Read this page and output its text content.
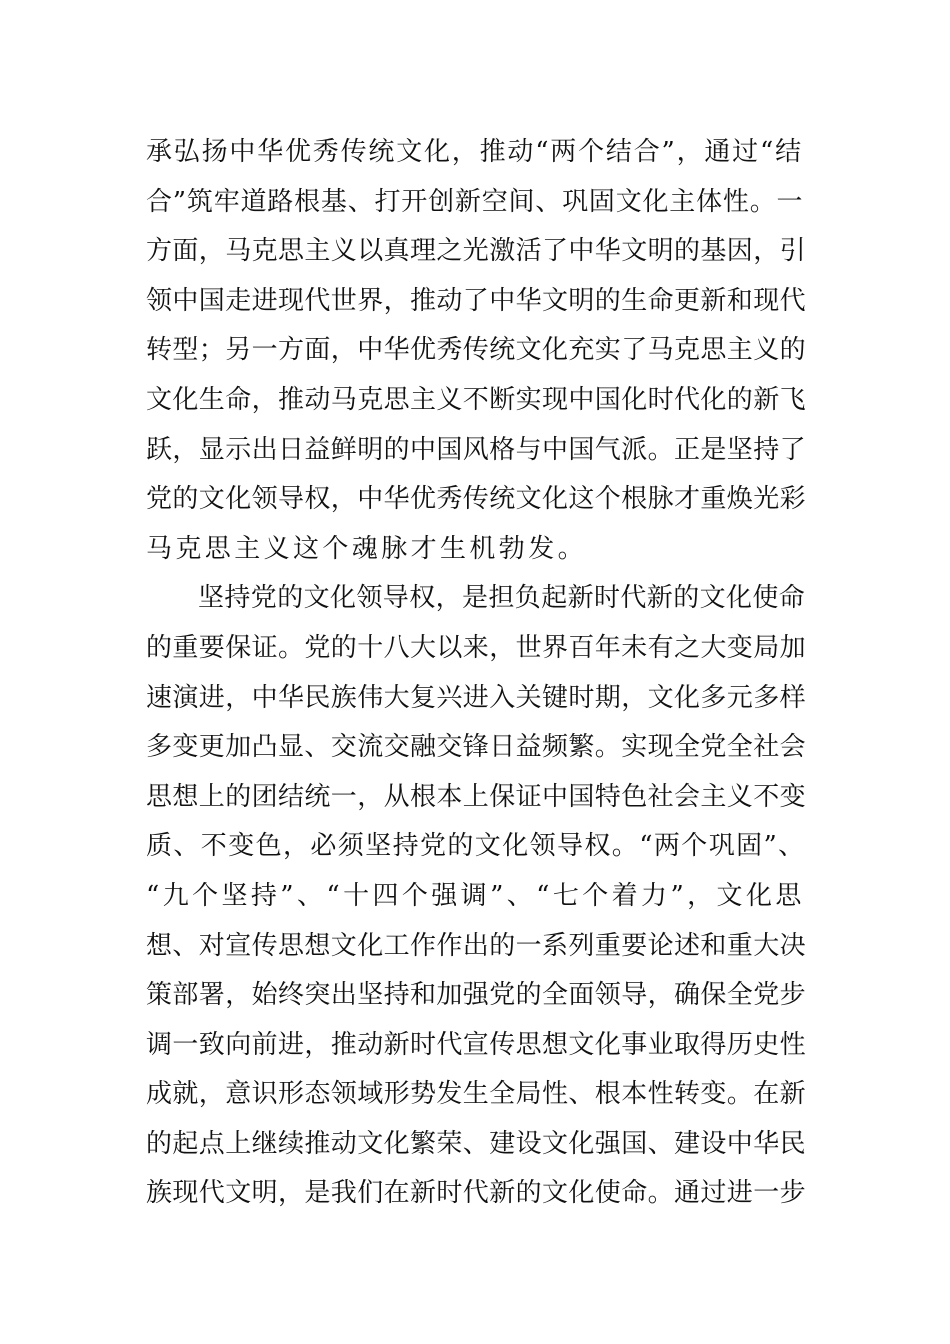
承弘扬中华优秀传统文化，推动“两个结合”，通过“结
合”筑牢道路根基、打开创新空间、巩固文化主体性。一
方面，马克思主义以真理之光激活了中华文明的基因，引
领中国走进现代世界，推动了中华文明的生命更新和现代
转型；另一方面，中华优秀传统文化充实了马克思主义的
文化生命，推动马克思主义不断实现中国化时代化的新飞
跃，显示出日益鲜明的中国风格与中国气派。正是坚持了
党的文化领导权，中华优秀传统文化这个根脉才重焕光彩
马克思主义这个魂脉才生机勃发。
坚持党的文化领导权，是担负起新时代新的文化使命
的重要保证。党的十八大以来，世界百年未有之大变局加
速演进，中华民族伟大复兴进入关键时期，文化多元多样
多变更加凸显、交流交融交锋日益频繁。实现全党全社会
思想上的团结统一，从根本上保证中国特色社会主义不变
质、不变色，必须坚持党的文化领导权。“两个巩固”、
“九个坚持”、“十四个强调”、“七个着力”，文化思
想、对宣传思想文化工作作出的一系列重要论述和重大决
策部署，始终突出坚持和加强党的全面领导，确保全党步
调一致向前进，推动新时代宣传思想文化事业取得历史性
成就，意识形态领域形势发生全局性、根本性转变。在新
的起点上继续推动文化繁荣、建设文化强国、建设中华民
族现代文明，是我们在新时代新的文化使命。通过进一步
